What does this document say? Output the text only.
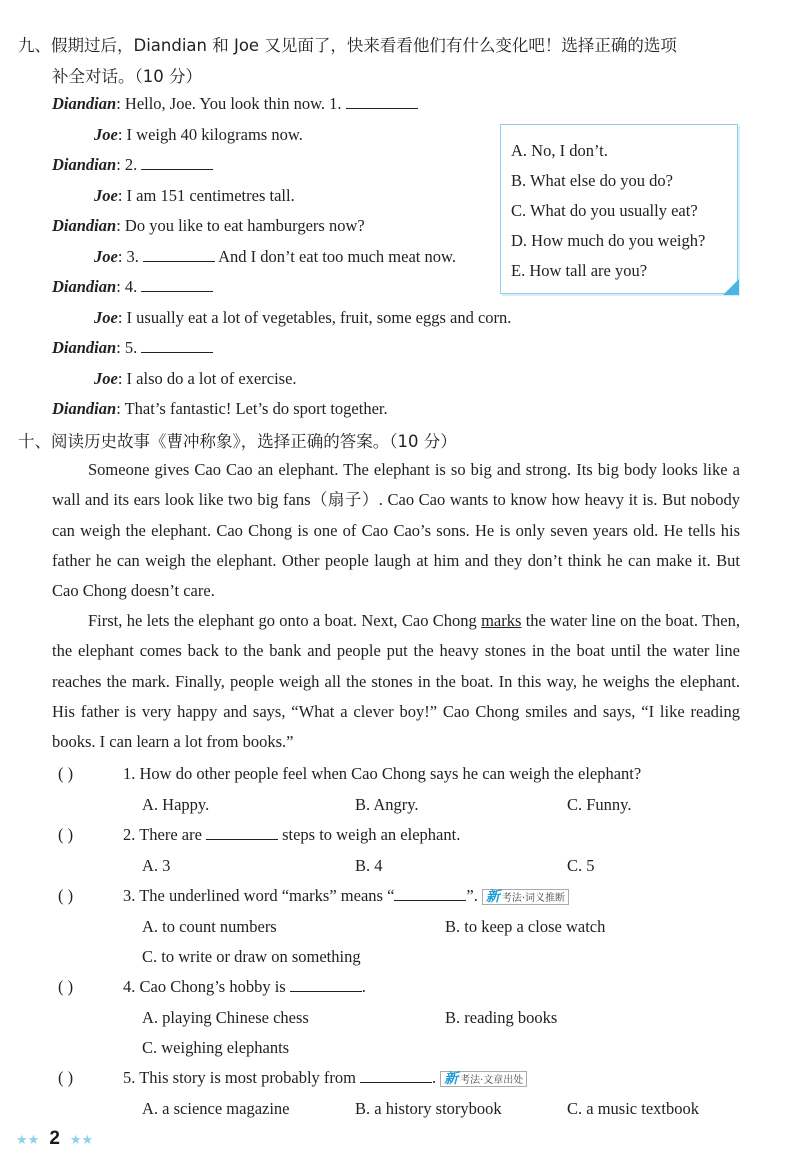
九、假期过后，Diandian 和 Joe 又见面了，快来看看他们有什么变化吧！选择正确的选项
补全对话。（10 分）
Diandian: Hello, Joe. You look thin now. 1.
Joe: I weigh 40 kilograms now.
Diandian: 2.
Joe: I am 151 centimetres tall.
Diandian: Do you like to eat hamburgers now?
Joe: 3.	And I don’t eat too much meat now.
Diandian: 4.
Joe: I usually eat a lot of vegetables, fruit, some eggs and corn.
Diandian: 5.
Joe: I also do a lot of exercise.
Diandian: That’s fantastic! Let’s do sport together.
A. No, I don’t.
B. What else do you do?
C. What do you usually eat?
D. How much do you weigh?
E. How tall are you?
十、阅读历史故事《曹冲称象》，选择正确的答案。（10 分）
Someone gives Cao Cao an elephant. The elephant is so big and strong. Its big body looks like a wall and its ears look like two big fans（扇子）. Cao Cao wants to know how heavy it is. But nobody can weigh the elephant. Cao Chong is one of Cao Cao’s sons. He is only seven years old. He tells his father he can weigh the elephant. Other people laugh at him and they don’t think he can make it. But Cao Chong doesn’t care.
First, he lets the elephant go onto a boat. Next, Cao Chong marks the water line on the boat. Then, the elephant comes back to the bank and people put the heavy stones in the boat until the water line reaches the mark. Finally, people weigh all the stones in the boat. In this way, he weighs the elephant. His father is very happy and says, “What a clever boy!” Cao Chong smiles and says, “I like reading books. I can learn a lot from books.”
( )	1. How do other people feel when Cao Chong says he can weigh the elephant?
A. Happy.	B. Angry.	C. Funny.
( )	2. There are	steps to weigh an elephant.
A. 3	B. 4	C. 5
( )	3. The underlined word “marks” means “	”. 新 考法·词义推断
A. to count numbers	B. to keep a close watch
C. to write or draw on something
( )	4. Cao Chong’s hobby is	.
A. playing Chinese chess	B. reading books
C. weighing elephants
( )	5. This story is most probably from	. 新 考法·文章出处
A. a science magazine	B. a history storybook	C. a music textbook
★★ 2 ★★
